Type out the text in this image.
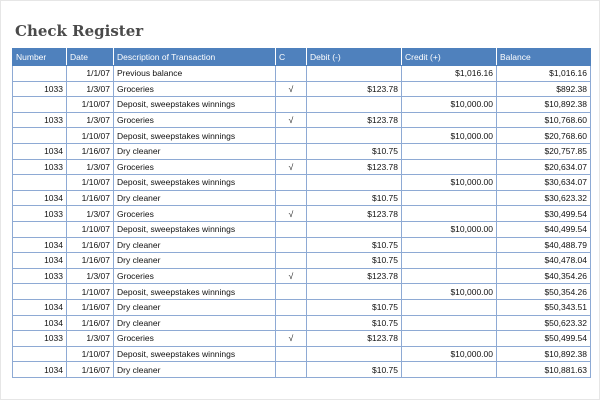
Check Register
Number	Date	Description of Transaction	C	Debit (-)	Credit (+)	Balance
	1/1/07	Previous balance			$1,016.16	$1,016.16
1033	1/3/07	Groceries	√	$123.78		$892.38
	1/10/07	Deposit, sweepstakes winnings			$10,000.00	$10,892.38
1033	1/3/07	Groceries	√	$123.78		$10,768.60
	1/10/07	Deposit, sweepstakes winnings			$10,000.00	$20,768.60
1034	1/16/07	Dry cleaner		$10.75		$20,757.85
1033	1/3/07	Groceries	√	$123.78		$20,634.07
	1/10/07	Deposit, sweepstakes winnings			$10,000.00	$30,634.07
1034	1/16/07	Dry cleaner		$10.75		$30,623.32
1033	1/3/07	Groceries	√	$123.78		$30,499.54
	1/10/07	Deposit, sweepstakes winnings			$10,000.00	$40,499.54
1034	1/16/07	Dry cleaner		$10.75		$40,488.79
1034	1/16/07	Dry cleaner		$10.75		$40,478.04
1033	1/3/07	Groceries	√	$123.78		$40,354.26
	1/10/07	Deposit, sweepstakes winnings			$10,000.00	$50,354.26
1034	1/16/07	Dry cleaner		$10.75		$50,343.51
1034	1/16/07	Dry cleaner		$10.75		$50,623.32
1033	1/3/07	Groceries	√	$123.78		$50,499.54
	1/10/07	Deposit, sweepstakes winnings			$10,000.00	$10,892.38
1034	1/16/07	Dry cleaner		$10.75		$10,881.63
